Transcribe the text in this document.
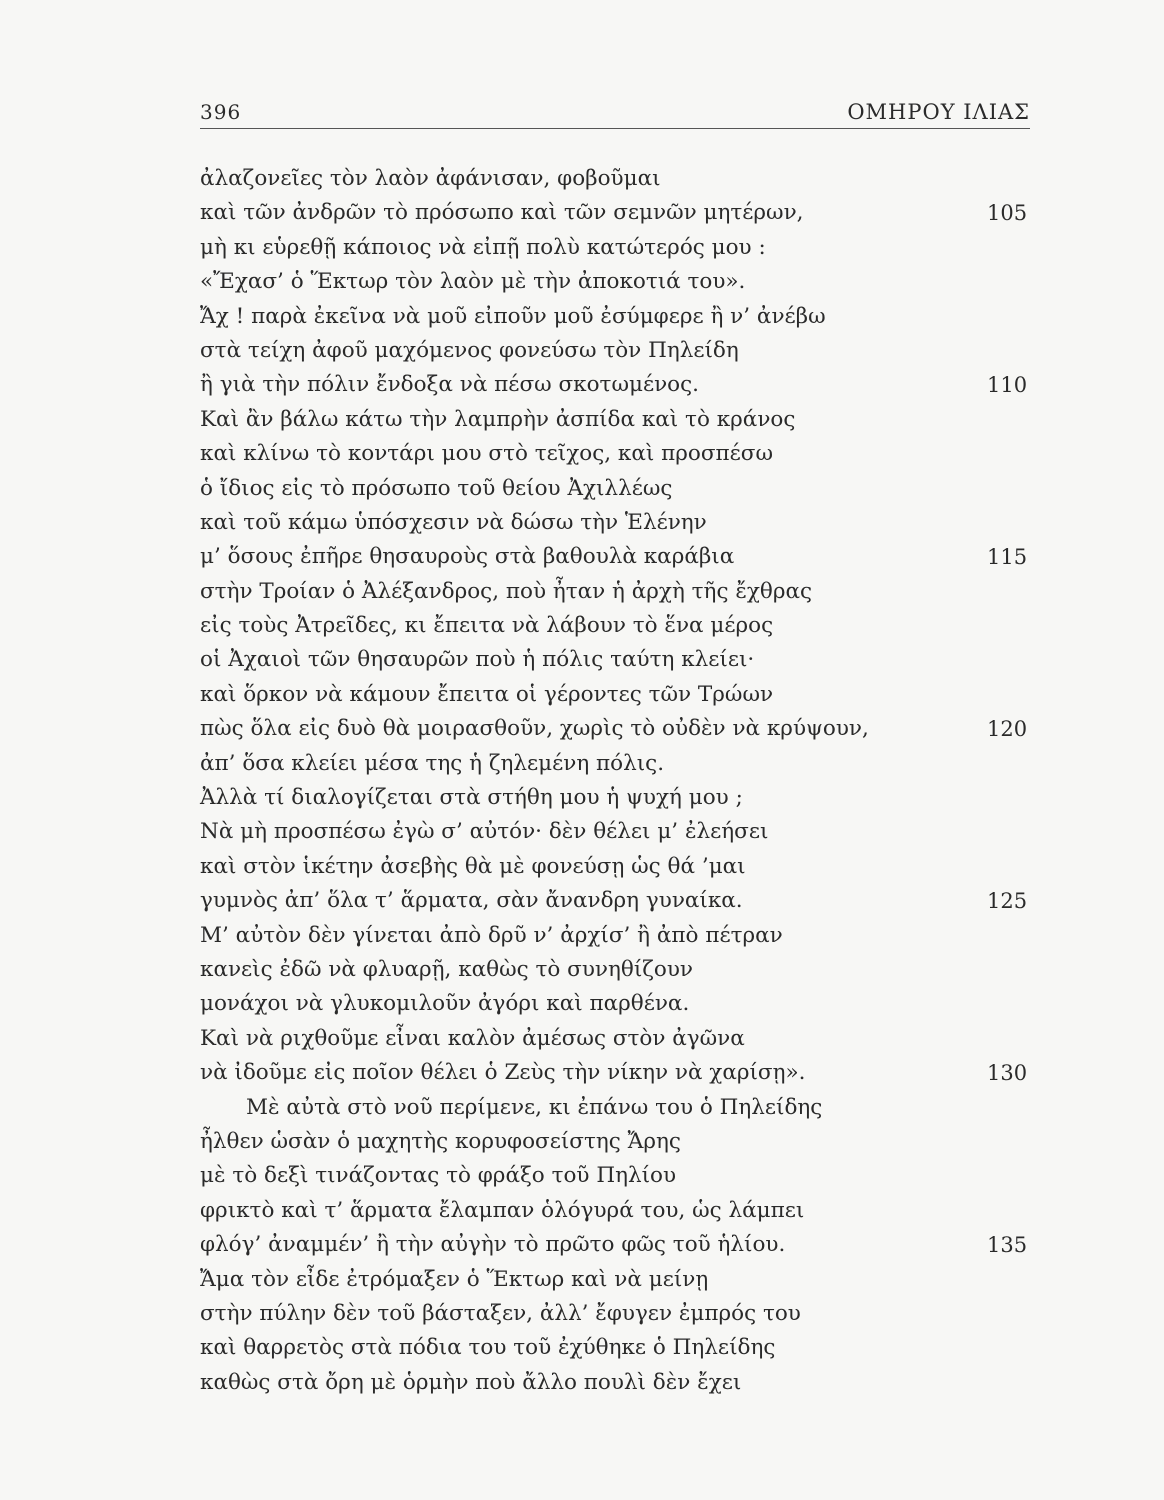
396	ΟΜΗΡΟΥ ΙΛΙΑΣ
ἀλαζονεῖες τὸν λαὸν ἀφάνισαν, φοβοῦμαι
καὶ τῶν ἀνδρῶν τὸ πρόσωπο καὶ τῶν σεμνῶν μητέρων,	105
μὴ κι εὑρεθῇ κάποιος νὰ εἰπῇ πολὺ κατώτερός μου :
«Ἔχασ’ ὁ Ἕκτωρ τὸν λαὸν μὲ τὴν ἀποκοτιά του».
Ἄχ ! παρὰ ἐκεῖνα νὰ μοῦ εἰποῦν μοῦ ἐσύμφερε ἢ ν’ ἀνέβω
στὰ τείχη ἀφοῦ μαχόμενος φονεύσω τὸν Πηλείδη
ἢ γιὰ τὴν πόλιν ἔνδοξα νὰ πέσω σκοτωμένος.	110
Καὶ ἂν βάλω κάτω τὴν λαμπρὴν ἀσπίδα καὶ τὸ κράνος
καὶ κλίνω τὸ κοντάρι μου στὸ τεῖχος, καὶ προσπέσω
ὁ ἴδιος εἰς τὸ πρόσωπο τοῦ θείου Ἀχιλλέως
καὶ τοῦ κάμω ὑπόσχεσιν νὰ δώσω τὴν Ἑλένην
μ’ ὅσους ἐπῆρε θησαυροὺς στὰ βαθουλὰ καράβια	115
στὴν Τροίαν ὁ Ἀλέξανδρος, ποὺ ἦταν ἡ ἀρχὴ τῆς ἔχθρας
εἰς τοὺς Ἀτρεῖδες, κι ἔπειτα νὰ λάβουν τὸ ἕνα μέρος
οἱ Ἀχαιοὶ τῶν θησαυρῶν ποὺ ἡ πόλις ταύτη κλείει·
καὶ ὅρκον νὰ κάμουν ἔπειτα οἱ γέροντες τῶν Τρώων
πὼς ὅλα εἰς δυὸ θὰ μοιρασθοῦν, χωρὶς τὸ οὐδὲν νὰ κρύψουν,	120
ἀπ’ ὅσα κλείει μέσα της ἡ ζηλεμένη πόλις.
Ἀλλὰ τί διαλογίζεται στὰ στήθη μου ἡ ψυχή μου ;
Νὰ μὴ προσπέσω ἐγὼ σ’ αὐτόν· δὲν θέλει μ’ ἐλεήσει
καὶ στὸν ἱκέτην ἀσεβὴς θὰ μὲ φονεύσῃ ὡς θά ’μαι
γυμνὸς ἀπ’ ὅλα τ’ ἅρματα, σὰν ἄνανδρη γυναίκα.	125
Μ’ αὐτὸν δὲν γίνεται ἀπὸ δρῦ ν’ ἀρχίσ’ ἢ ἀπὸ πέτραν
κανεὶς ἐδῶ νὰ φλυαρῇ, καθὼς τὸ συνηθίζουν
μονάχοι νὰ γλυκομιλοῦν ἀγόρι καὶ παρθένα.
Καὶ νὰ ριχθοῦμε εἶναι καλὸν ἀμέσως στὸν ἀγῶνα
νὰ ἰδοῦμε εἰς ποῖον θέλει ὁ Ζεὺς τὴν νίκην νὰ χαρίσῃ».	130
Μὲ αὐτὰ στὸ νοῦ περίμενε, κι ἐπάνω του ὁ Πηλείδης
ἦλθεν ὡσὰν ὁ μαχητὴς κορυφοσείστης Ἄρης
μὲ τὸ δεξὶ τινάζοντας τὸ φράξο τοῦ Πηλίου
φρικτὸ καὶ τ’ ἅρματα ἔλαμπαν ὁλόγυρά του, ὡς λάμπει
φλόγ’ ἀναμμέν’ ἢ τὴν αὐγὴν τὸ πρῶτο φῶς τοῦ ἡλίου.	135
Ἄμα τὸν εἶδε ἐτρόμαξεν ὁ Ἕκτωρ καὶ νὰ μείνῃ
στὴν πύλην δὲν τοῦ βάσταξεν, ἀλλ’ ἔφυγεν ἐμπρός του
καὶ θαρρετὸς στὰ πόδια του τοῦ ἐχύθηκε ὁ Πηλείδης
καθὼς στὰ ὄρη μὲ ὁρμὴν ποὺ ἄλλο πουλὶ δὲν ἔχει
